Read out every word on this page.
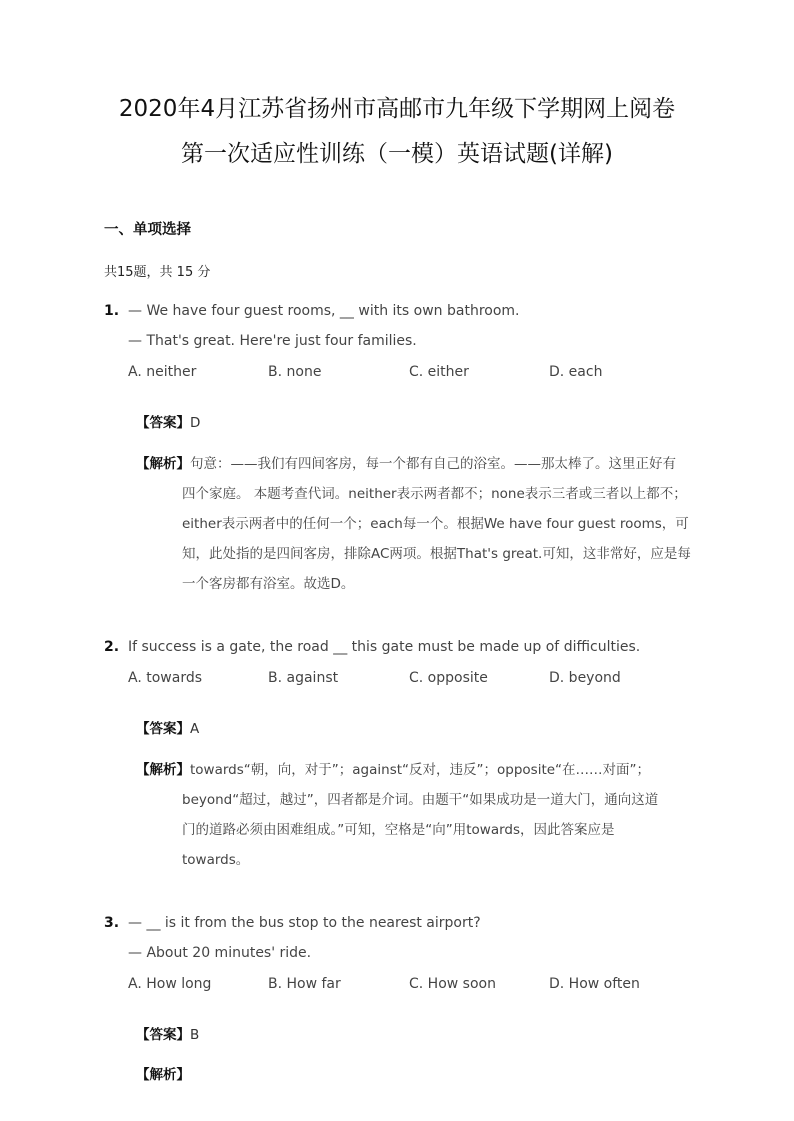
2020年4月江苏省扬州市高邮市九年级下学期网上阅卷
第一次适应性训练（一模）英语试题(详解)
一、单项选择
共15题，共 15 分
1. — We have four guest rooms, __ with its own bathroom.
— That's great. Here're just four families.
A. neither	B. none	C. either	D. each
【答案】D
【解析】句意：——我们有四间客房，每一个都有自己的浴室。——那太棒了。这里正好有
四个家庭。 本题考查代词。neither表示两者都不；none表示三者或三者以上都不；
either表示两者中的任何一个；each每一个。根据We have four guest rooms，可
知，此处指的是四间客房，排除AC两项。根据That's great.可知，这非常好，应是每
一个客房都有浴室。故选D。
2. If success is a gate, the road __ this gate must be made up of difficulties.
A. towards	B. against	C. opposite	D. beyond
【答案】A
【解析】towards“朝，向，对于”；against“反对，违反”；opposite“在……对面”；
beyond“超过，越过”，四者都是介词。由题干“如果成功是一道大门，通向这道
门的道路必须由困难组成。”可知，空格是“向”用towards，因此答案应是
towards。
3. — __ is it from the bus stop to the nearest airport?
— About 20 minutes' ride.
A. How long	B. How far	C. How soon	D. How often
【答案】B
【解析】
